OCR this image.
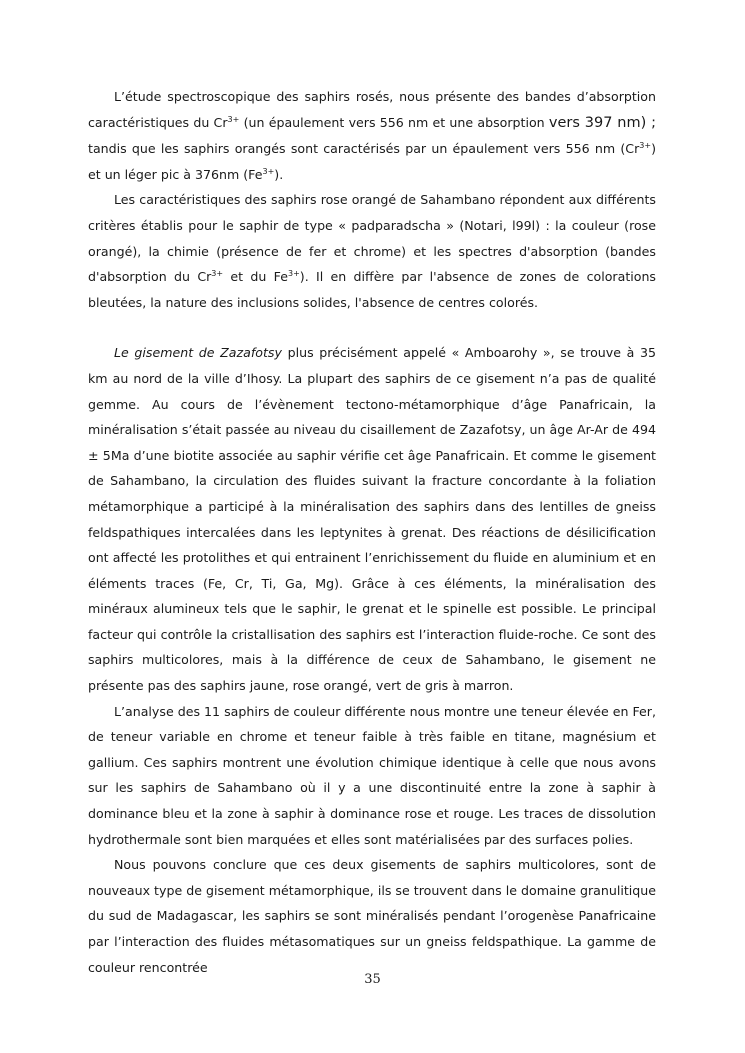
L’étude spectroscopique des saphirs rosés, nous présente des bandes d’absorption caractéristiques du $Cr^{3+}$ (un épaulement vers 556 nm et une absorption vers 397 nm) ; tandis que les saphirs orangés sont caractérisés par un épaulement vers 556 nm $(Cr^{3+})$ et un léger pic à 376nm $(Fe^{3+})$.

Les caractéristiques des saphirs rose orangé de Sahambano répondent aux différents critères établis pour le saphir de type « padparadscha » (Notari, l99l) : la couleur (rose orangé), la chimie (présence de fer et chrome) et les spectres d'absorption (bandes d'absorption du $Cr^{3+}$ et du $Fe^{3+}$). Il en diffère par l'absence de zones de colorations bleutées, la nature des inclusions solides, l'absence de centres colorés.

Le gisement de Zazafotsy plus précisément appelé « Amboarohy », se trouve à 35 km au nord de la ville d’Ihosy. La plupart des saphirs de ce gisement n’a pas de qualité gemme. Au cours de l’évènement tectono-métamorphique d’âge Panafricain, la minéralisation s’était passée au niveau du cisaillement de Zazafotsy, un âge Ar-Ar de 494 ± 5Ma d’une biotite associée au saphir vérifie cet âge Panafricain. Et comme le gisement de Sahambano, la circulation des fluides suivant la fracture concordante à la foliation métamorphique a participé à la minéralisation des saphirs dans des lentilles de gneiss feldspathiques intercalées dans les leptynites à grenat. Des réactions de désilicification ont affecté les protolithes et qui entrainent l’enrichissement du fluide en aluminium et en éléments traces (Fe, Cr, Ti, Ga, Mg). Grâce à ces éléments, la minéralisation des minéraux alumineux tels que le saphir, le grenat et le spinelle est possible. Le principal facteur qui contrôle la cristallisation des saphirs est l’interaction fluide-roche. Ce sont des saphirs multicolores, mais à la différence de ceux de Sahambano, le gisement ne présente pas des saphirs jaune, rose orangé, vert de gris à marron.

L’analyse des 11 saphirs de couleur différente nous montre une teneur élevée en Fer, de teneur variable en chrome et teneur faible à très faible en titane, magnésium et gallium. Ces saphirs montrent une évolution chimique identique à celle que nous avons sur les saphirs de Sahambano où il y a une discontinuité entre la zone à saphir à dominance bleu et la zone à saphir à dominance rose et rouge. Les traces de dissolution hydrothermale sont bien marquées et elles sont matérialisées par des surfaces polies.

Nous pouvons conclure que ces deux gisements de saphirs multicolores, sont de nouveaux type de gisement métamorphique, ils se trouvent dans le domaine granulitique du sud de Madagascar, les saphirs se sont minéralisés pendant l’orogenèse Panafricaine par l’interaction des fluides métasomatiques sur un gneiss feldspathique. La gamme de couleur rencontrée

35
